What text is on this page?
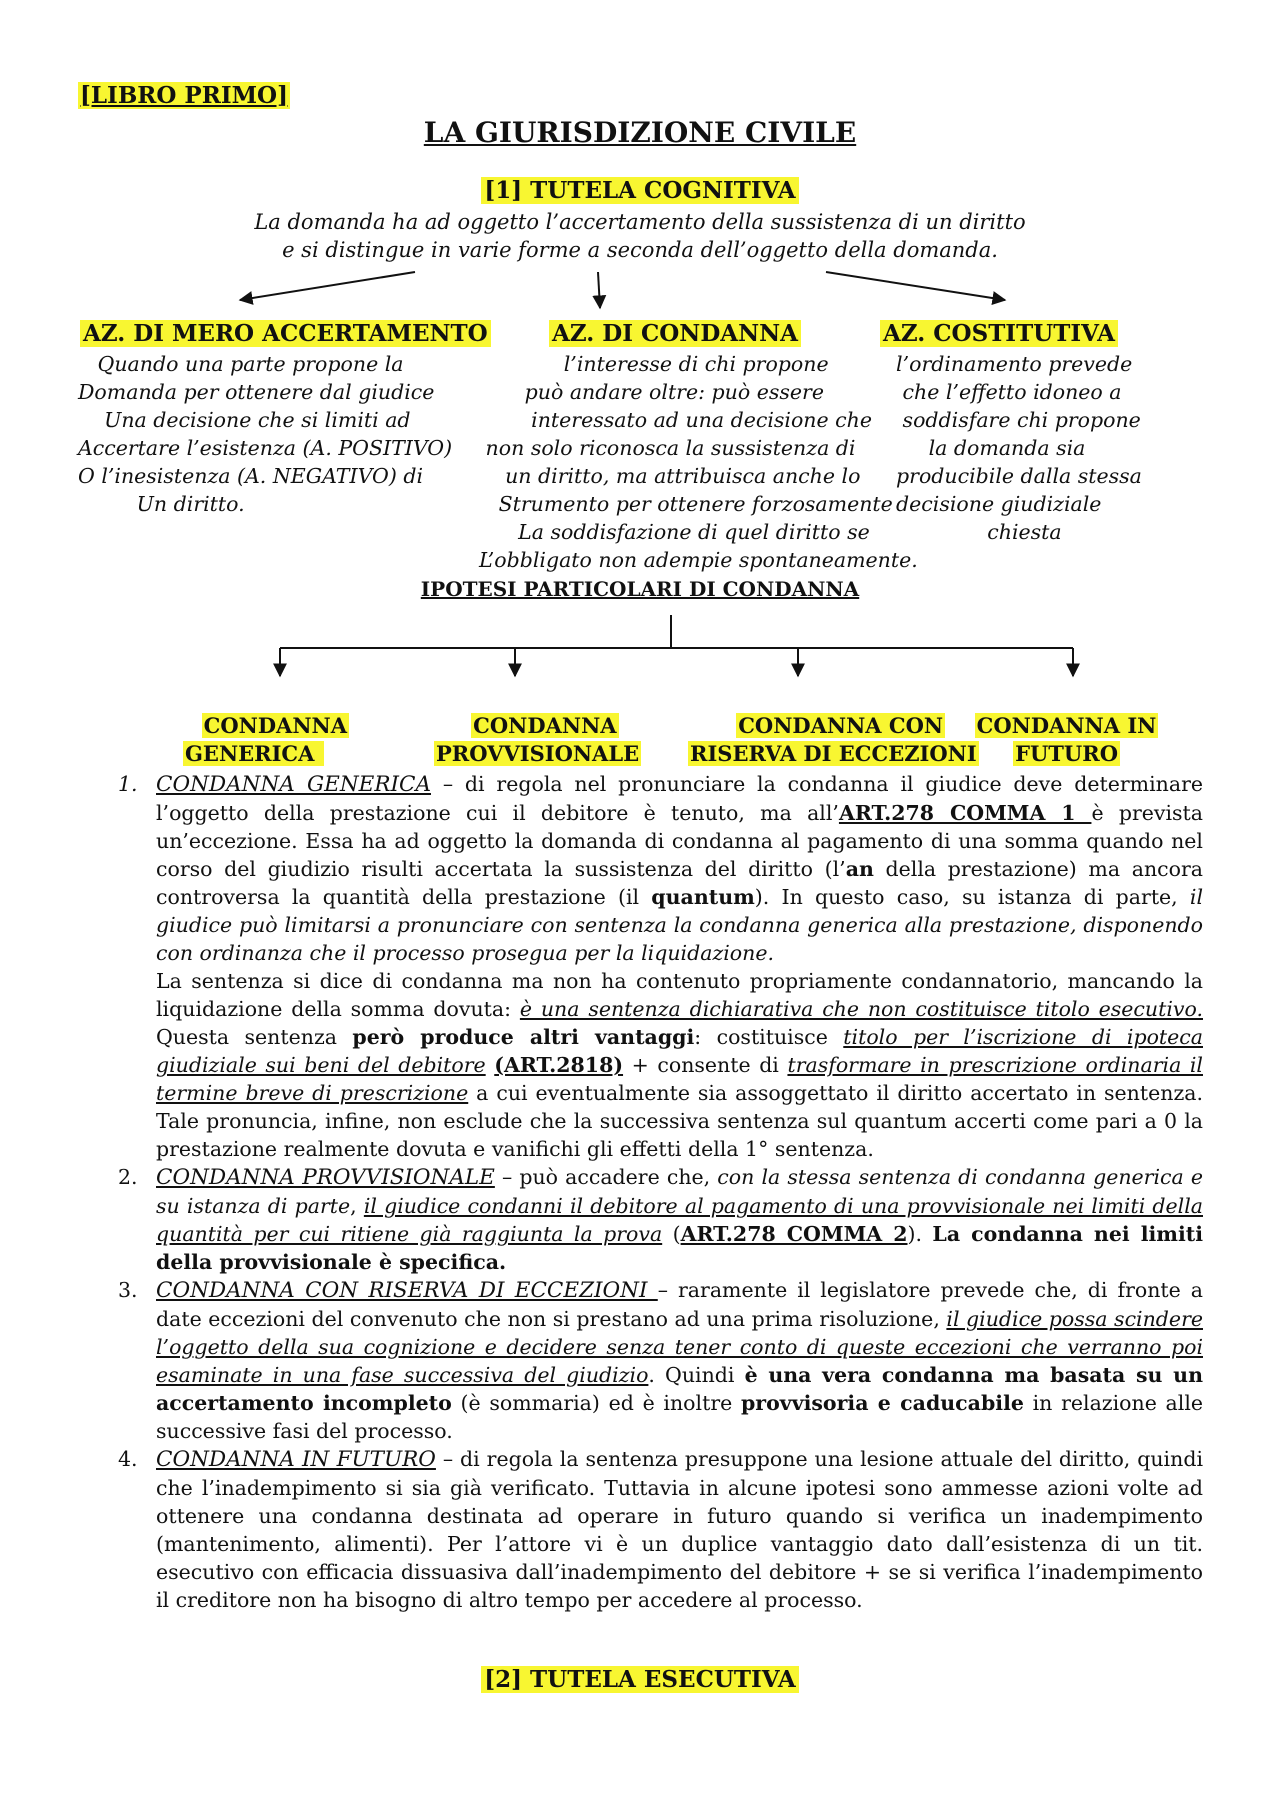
[LIBRO PRIMO]
LA GIURISDIZIONE CIVILE
[1] TUTELA COGNITIVA
La domanda ha ad oggetto l’accertamento della sussistenza di un diritto
e si distingue in varie forme a seconda dell’oggetto della domanda.
AZ. DI MERO ACCERTAMENTO
Quando una parte propone la
Domanda per ottenere dal giudice
Una decisione che si limiti ad
Accertare l’esistenza (A. POSITIVO)
O l’inesistenza (A. NEGATIVO) di
Un diritto.
AZ. DI CONDANNA
l’interesse di chi propone
può andare oltre: può essere
interessato ad una decisione che
non solo riconosca la sussistenza di
un diritto, ma attribuisca anche lo
Strumento per ottenere forzosamente
La soddisfazione di quel diritto se
L’obbligato non adempie spontaneamente.
AZ. COSTITUTIVA
l’ordinamento prevede
che l’effetto idoneo a
soddisfare chi propone
la domanda sia
producibile dalla stessa
decisione giudiziale
chiesta
IPOTESI PARTICOLARI DI CONDANNA

CONDANNA
GENERICA

CONDANNA
PROVVISIONALE

CONDANNA CON
RISERVA DI ECCEZIONI

CONDANNA IN
FUTURO

1. CONDANNA GENERICA – di regola nel pronunciare la condanna il giudice deve determinare l’oggetto della prestazione cui il debitore è tenuto, ma all’ART.278 COMMA 1 è prevista un’eccezione. Essa ha ad oggetto la domanda di condanna al pagamento di una somma quando nel corso del giudizio risulti accertata la sussistenza del diritto (l’an della prestazione) ma ancora controversa la quantità della prestazione (il quantum). In questo caso, su istanza di parte, il giudice può limitarsi a pronunciare con sentenza la condanna generica alla prestazione, disponendo con ordinanza che il processo prosegua per la liquidazione.

La sentenza si dice di condanna ma non ha contenuto propriamente condannatorio, mancando la liquidazione della somma dovuta: è una sentenza dichiarativa che non costituisce titolo esecutivo. Questa sentenza però produce altri vantaggi: costituisce titolo per l’iscrizione di ipoteca giudiziale sui beni del debitore (ART.2818) + consente di trasformare in prescrizione ordinaria il termine breve di prescrizione a cui eventualmente sia assoggettato il diritto accertato in sentenza. Tale pronuncia, infine, non esclude che la successiva sentenza sul quantum accerti come pari a 0 la prestazione realmente dovuta e vanifichi gli effetti della 1° sentenza.

2. CONDANNA PROVVISIONALE – può accadere che, con la stessa sentenza di condanna generica e su istanza di parte, il giudice condanni il debitore al pagamento di una provvisionale nei limiti della quantità per cui ritiene già raggiunta la prova (ART.278 COMMA 2). La condanna nei limiti della provvisionale è specifica.

3. CONDANNA CON RISERVA DI ECCEZIONI – raramente il legislatore prevede che, di fronte a date eccezioni del convenuto che non si prestano ad una prima risoluzione, il giudice possa scindere l’oggetto della sua cognizione e decidere senza tener conto di queste eccezioni che verranno poi esaminate in una fase successiva del giudizio. Quindi è una vera condanna ma basata su un accertamento incompleto (è sommaria) ed è inoltre provvisoria e caducabile in relazione alle successive fasi del processo.

4. CONDANNA IN FUTURO – di regola la sentenza presuppone una lesione attuale del diritto, quindi che l’inadempimento si sia già verificato. Tuttavia in alcune ipotesi sono ammesse azioni volte ad ottenere una condanna destinata ad operare in futuro quando si verifica un inadempimento (mantenimento, alimenti). Per l’attore vi è un duplice vantaggio dato dall’esistenza di un tit. esecutivo con efficacia dissuasiva dall’inadempimento del debitore + se si verifica l’inadempimento il creditore non ha bisogno di altro tempo per accedere al processo.

[2] TUTELA ESECUTIVA
